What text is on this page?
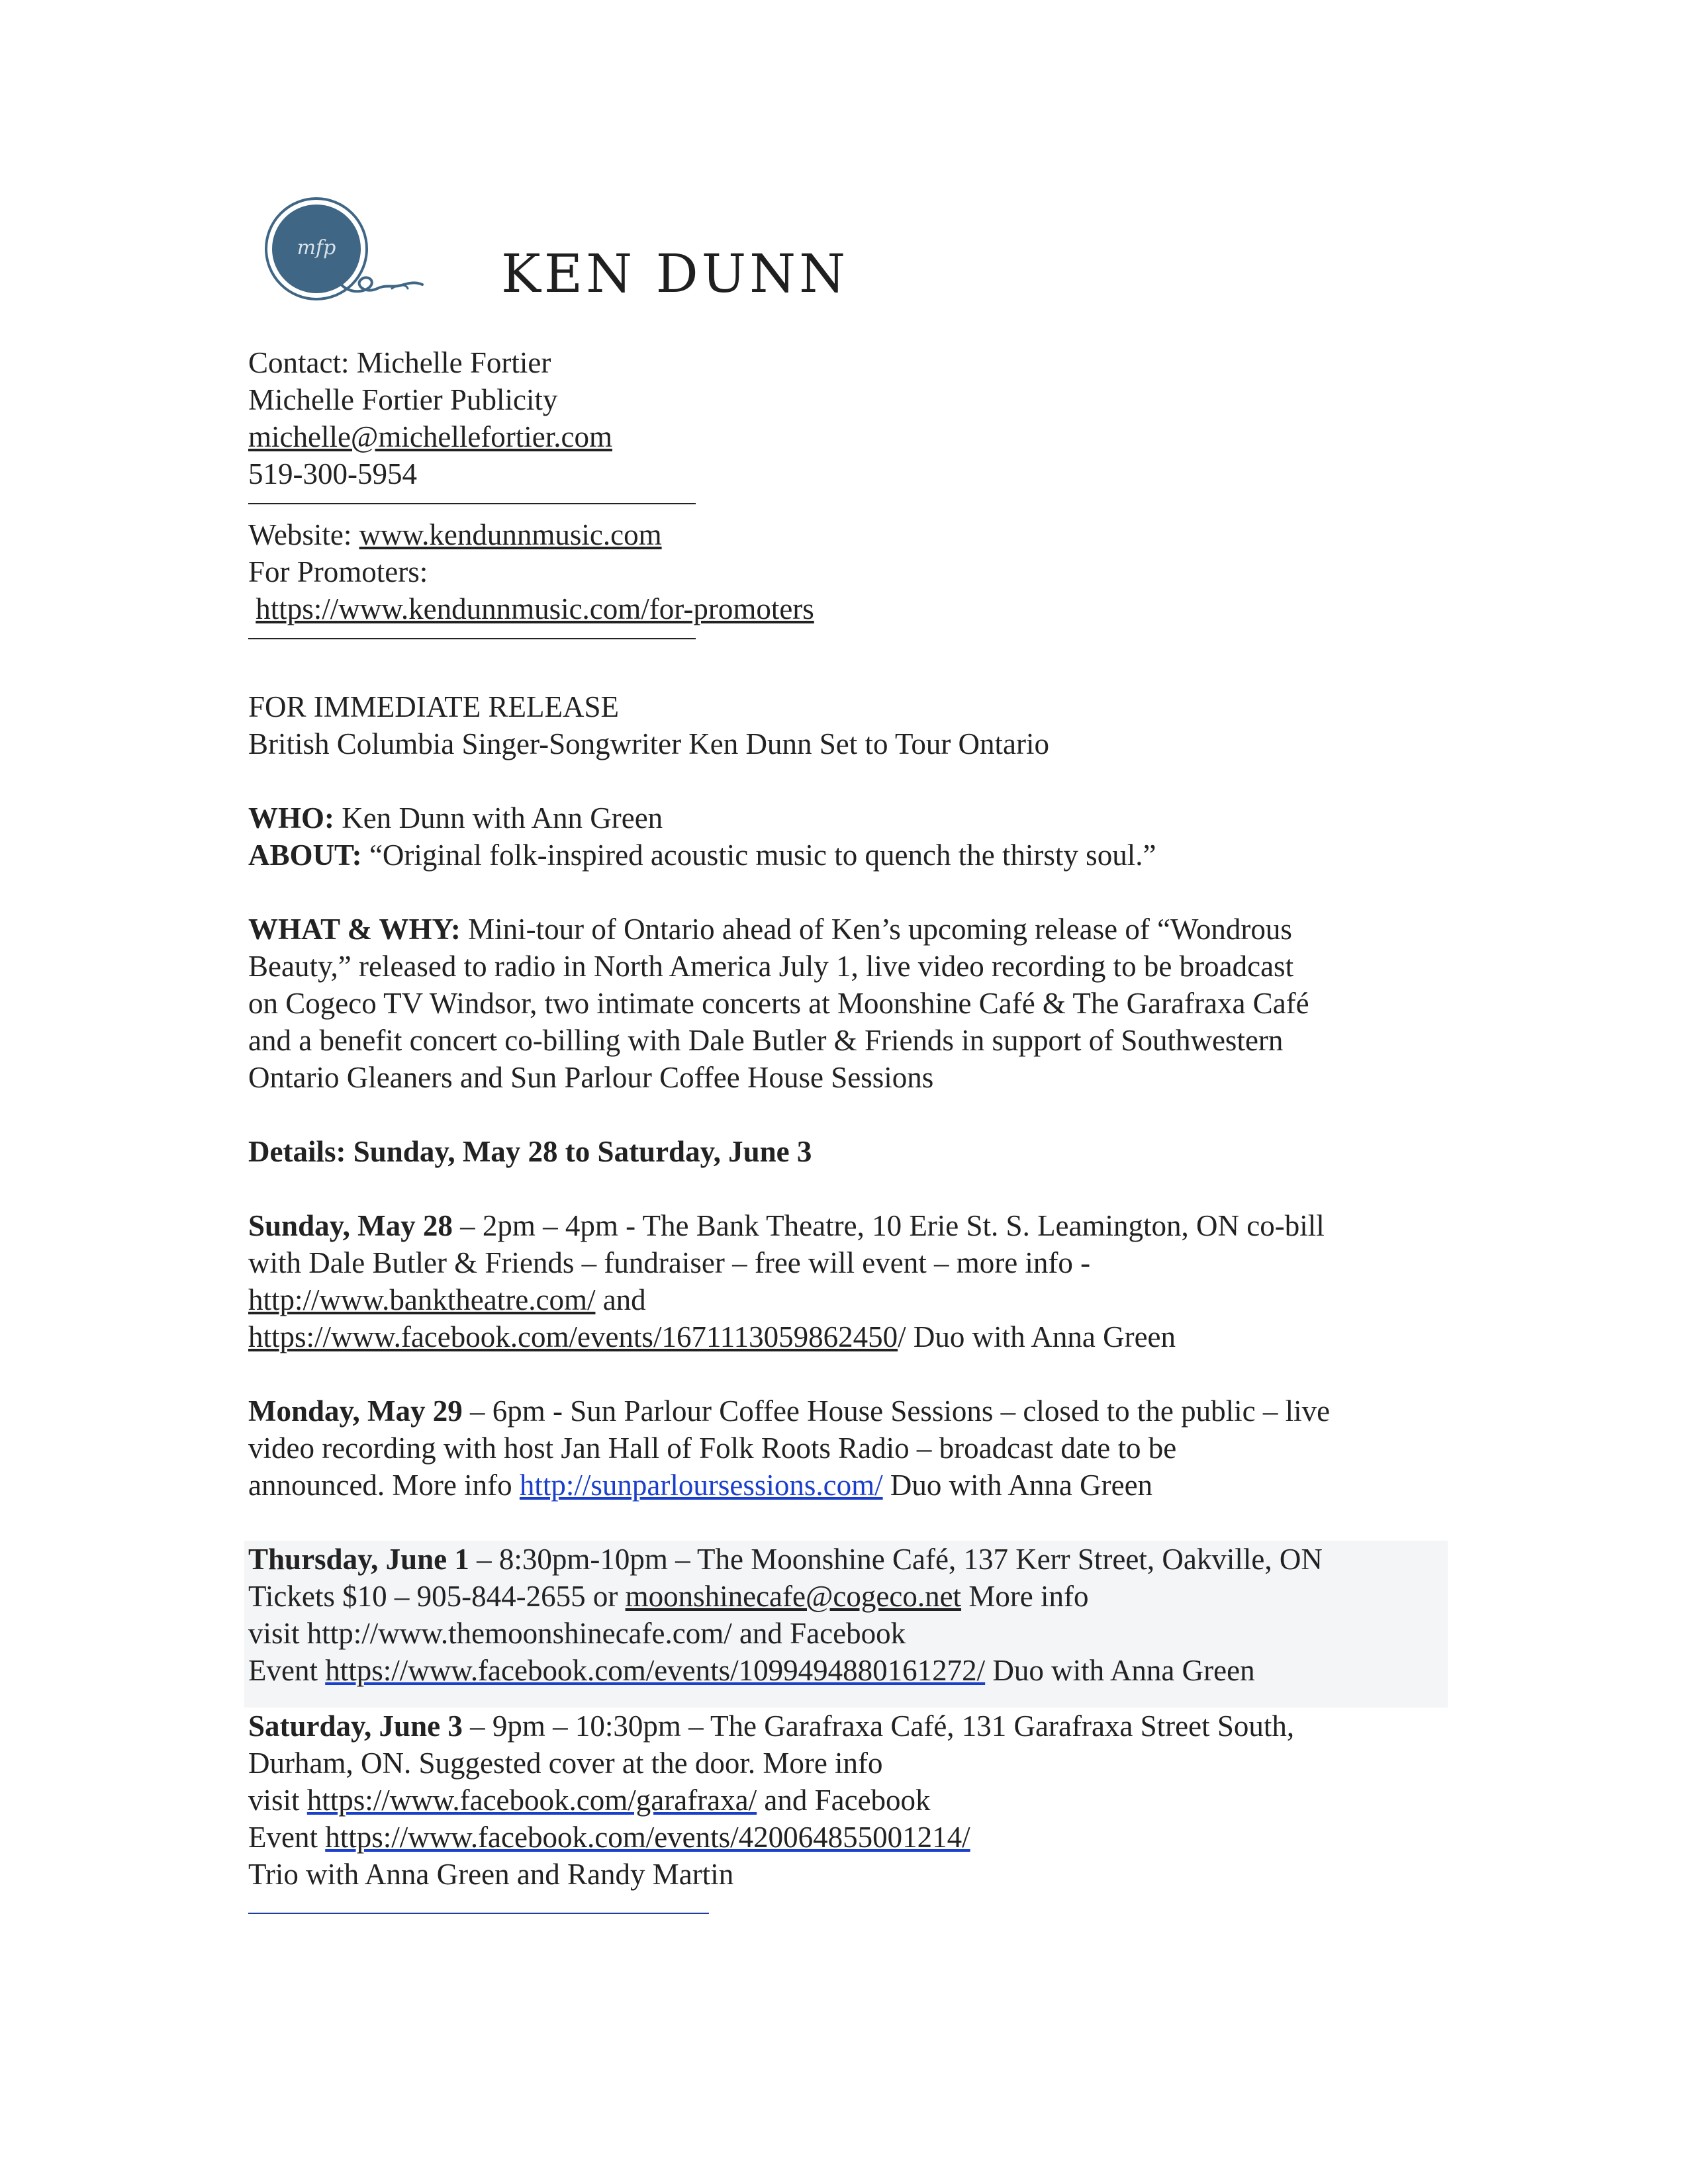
mfp	KEN DUNN
Contact: Michelle Fortier
Michelle Fortier Publicity
michelle@michellefortier.com
519-300-5954
Website: www.kendunnmusic.com
For Promoters:
https://www.kendunnmusic.com/for-promoters
FOR IMMEDIATE RELEASE
British Columbia Singer-Songwriter Ken Dunn Set to Tour Ontario
WHO: Ken Dunn with Ann Green
ABOUT: “Original folk-inspired acoustic music to quench the thirsty soul.”
WHAT & WHY: Mini-tour of Ontario ahead of Ken’s upcoming release of “Wondrous
Beauty,” released to radio in North America July 1, live video recording to be broadcast
on Cogeco TV Windsor, two intimate concerts at Moonshine Café & The Garafraxa Café
and a benefit concert co-billing with Dale Butler & Friends in support of Southwestern
Ontario Gleaners and Sun Parlour Coffee House Sessions
Details: Sunday, May 28 to Saturday, June 3
Sunday, May 28 – 2pm – 4pm - The Bank Theatre, 10 Erie St. S. Leamington, ON co-bill
with Dale Butler & Friends – fundraiser – free will event – more info -
http://www.banktheatre.com/ and
https://www.facebook.com/events/1671113059862450/ Duo with Anna Green
Monday, May 29 – 6pm - Sun Parlour Coffee House Sessions – closed to the public – live
video recording with host Jan Hall of Folk Roots Radio – broadcast date to be
announced. More info http://sunparloursessions.com/ Duo with Anna Green
Thursday, June 1 – 8:30pm-10pm – The Moonshine Café, 137 Kerr Street, Oakville, ON
Tickets $10 – 905-844-2655 or moonshinecafe@cogeco.net More info
visit http://www.themoonshinecafe.com/ and Facebook
Event https://www.facebook.com/events/1099494880161272/ Duo with Anna Green
Saturday, June 3 – 9pm – 10:30pm – The Garafraxa Café, 131 Garafraxa Street South,
Durham, ON. Suggested cover at the door. More info
visit https://www.facebook.com/garafraxa/ and Facebook
Event https://www.facebook.com/events/420064855001214/
Trio with Anna Green and Randy Martin
